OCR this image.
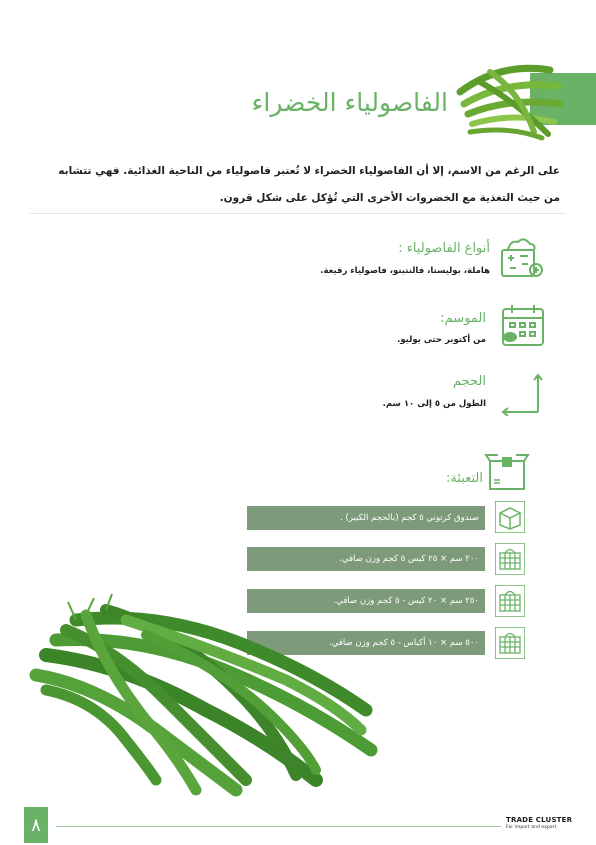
الفاصولياء الخضراء
على الرغم من الاسم، إلا أن الفاصولياء الخضراء لا تُعتبر فاصولياء من الناحية الغذائية. فهي تتشابه من حيث التغذية مع الخضروات الأخرى التي تُؤكل على شكل قرون.
أنواع الفاصولياء :
هاملة، بوليستا، فالنتينو، فاصولياء رفيعة.
الموسم:
من أكتوبر حتى يوليو.
الحجم
الطول من ٥ إلى ١٠ سم.
التعبئة:
صندوق كرتوني ٥ كجم (بالحجم الكبير) .
٢٠٠ سم × ٢٥ كيس ٥ كجم وزن صافي.
٢٥٠ سم × ٢٠ كيس - ٥ كجم وزن صافي.
٥٠٠ سم × ١٠ أكياس - ٥ كجم وزن صافي.
٨	TRADE CLUSTER
For import and export
